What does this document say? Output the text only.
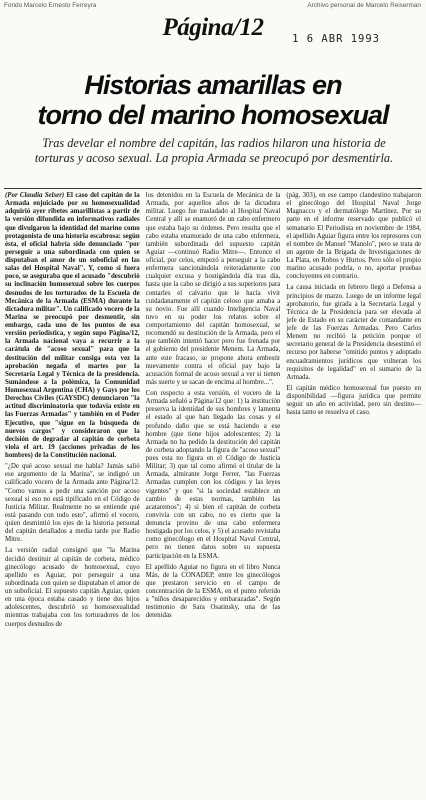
Fondo Marcelo Ernesto Ferreyra	Archivo personal de Marcelo Reiserman
Página/12	1 6 ABR 1993
Historias amarillas en
torno del marino homosexual
Tras develar el nombre del capitán, las radios hilaron una historia de torturas y acoso sexual. La propia Armada se preocupó por desmentirla.

(Por Claudia Selser) El caso del capitán de la Armada enjuiciado por su homosexualidad adquirió ayer ribetes amarillistas a partir de la versión difundida en informativos radiales que divulgaron la identidad del marino como protagonista de una historia escabrosa: según ésta, el oficial habría sido denunciado "por perseguir a una subordinada con quien se disputaban el amor de un suboficial en las salas del Hospital Naval". Y, como si fuera poco, se aseguraba que el acusado "descubrió su inclinación homosexual sobre los cuerpos desnudos de los torturados de la Escuela de Mecánica de la Armada (ESMA) durante la dictadura militar". Un calificado vocero de la Marina se preocupó por desmentir, sin embargo, cada uno de los puntos de esa versión periodística, y según supo Página/12, la Armada nacional vaya a recurrir a la carátula de "acoso sexual" para que la destitución del militar consiga esta vez la aprobación negada el martes por la Secretaría Legal y Técnica de la presidencia. Sumándose a la polémica, la Comunidad Homosexual Argentina (CHA) y Gays por los Derechos Civiles (GAYSDC) denunciaron "la actitud discriminatoria que todavía existe en las Fuerzas Armadas" y también en el Poder Ejecutivo, que "sigue en la búsqueda de nuevos cargos" y consideraron que la decisión de degradar al capitán de corbeta viola el art. 19 (acciones privadas de los hombres) de la Constitución nacional.

"¿De qué acoso sexual me habla? Jamás salió ese argumento de la Marina", se indignó un calificado vocero de la Armada ante Página/12. "Como vamos a pedir una sanción por acoso sexual si eso no está tipificado en el Código de Justicia Militar. Realmente no se entiende qué está pasando con todo esto", afirmó el vocero, quien desmintió los ejes de la historia personal del capitán detallados a media tarde por Radio Mitre.

La versión radial consignó que "la Marina decidió destituir al capitán de corbeta, médico ginecólogo acusado de homosexual, cuyo apellido es Aguiar, por perseguir a una subordinada con quien se disputaban el amor de un suboficial. El supuesto capitán Aguiar, quien en una época estaba casado y tiene dos hijos adolescentes, descubrió su homosexualidad mientras trabajaba con los torturadores de los cuerpos desnudos de

los detenidos en la Escuela de Mecánica de la Armada, por aquellos años de la dictadura militar. Luego fue trasladado al Hospital Naval Central y allí se enamoró de un cabo enfermero que estaba bajo su órdenes. Pero resulta que el cabo estaba enamorado de una cabo enfermera, también subordinada del supuesto capitán Aguiar —continuó Radio Mitre—. Entonce el oficial, por celos, empezó a perseguir a la cabo enfermera sancionándola reiteradamente con cualquier excusa y hostigándola día tras día, hasta que la cabo se dirigió a sus superiores para contarles el calvario que le hacía vivir cuidadanamente el capitán celoso que amaba a su novio. Fue allí cuando Inteligencia Naval tuvo en su poder los relatos sobre el comportamiento del capitán homosexual, se recomendó su destitución de la Armada, pero el que también intentó hacer pero fue frenada por el gobierno del presidente Menem. La Armada, ante este fracaso, se propone ahora embestir nuevamente contra el oficial pay bajo la acusación formal de acoso sexual a ver si tienen más suerte y se sacan de encima al hombre...".

Con respecto a esta versión, el vocero de la Armada señaló a Página/12 que: 1) la institución preserva la identidad de sus hombres y lamenta el estado al que han llegado las cosas y el profundo daño que se está haciendo a ese hombre (que tiene hijos adolescentes; 2) la Armada no ha pedido la destitución del capitán de corbeta adoptando la figura de "acoso sexual" pues esta no figura en el Código de Justicia Militar; 3) que tal como afirmó el titular de la Armada, almirante Jorge Ferrer, "las Fuerzas Armadas cumplen con los códigos y las leyes vigentes" y que "si la sociedad establece un cambio de estas normas, también las acataremos"; 4) si bien el capitán de corbeta convivía con un cabo, no es cierto que la denuncia provino de una cabo enfermera hostigada por los celos, y 5) el acusado revistaba como ginecólogo en el Hospital Naval Central, pero no tienen datos sobre su supuesta participación en la ESMA.

El apellido Aguiar no figura en el libro Nunca Más, de la CONADEP, entre los ginecólogos que prestaron servicio en el campo de concentración de la ESMA, en el punto referido a "niños desaparecidos y embarazadas". Según testimonio de Sara Osatinsky, una de las detenidas

(pág. 303), en ese campo clandestino trabajaron el ginecólogo del Hospital Naval Jorge Magnacco y el dermatólogo Martínez. Por su parte en el informe reservado que publicó el semanario El Periodista en noviembre de 1984, el apellido Aguiar figura entre los represores con el nombre de Manuel "Manolo", pero se trata de un agente de la Brigada de Investigaciones de La Plata, en Robos y Hurtos. Pero sólo el propio marino acusado podría, o no, aportar pruebas concluyentes en contrario.

La causa iniciada en febrero llegó a Defensa a principios de marzo. Luego de un informe legal aprobatorio, fue girada a la Secretaría Legal y Técnica de la Presidencia para ser elevada al jefe de Estado en su carácter de comandante en jefe de las Fuerzas Armadas. Pero Carlos Menem no recibió la petición porque el secretario general de la Presidencia desestimó el recurso por haberse "omitido puntos y adoptado encuadramientos jurídicos que vulneran los requisitos de legalidad" en el sumario de la Armada.

El capitán médico homosexual fue puesto en disponibilidad —figura jurídica que permite seguir un año en actividad, pero sin destino— hasta tanto se resuelva el caso.
